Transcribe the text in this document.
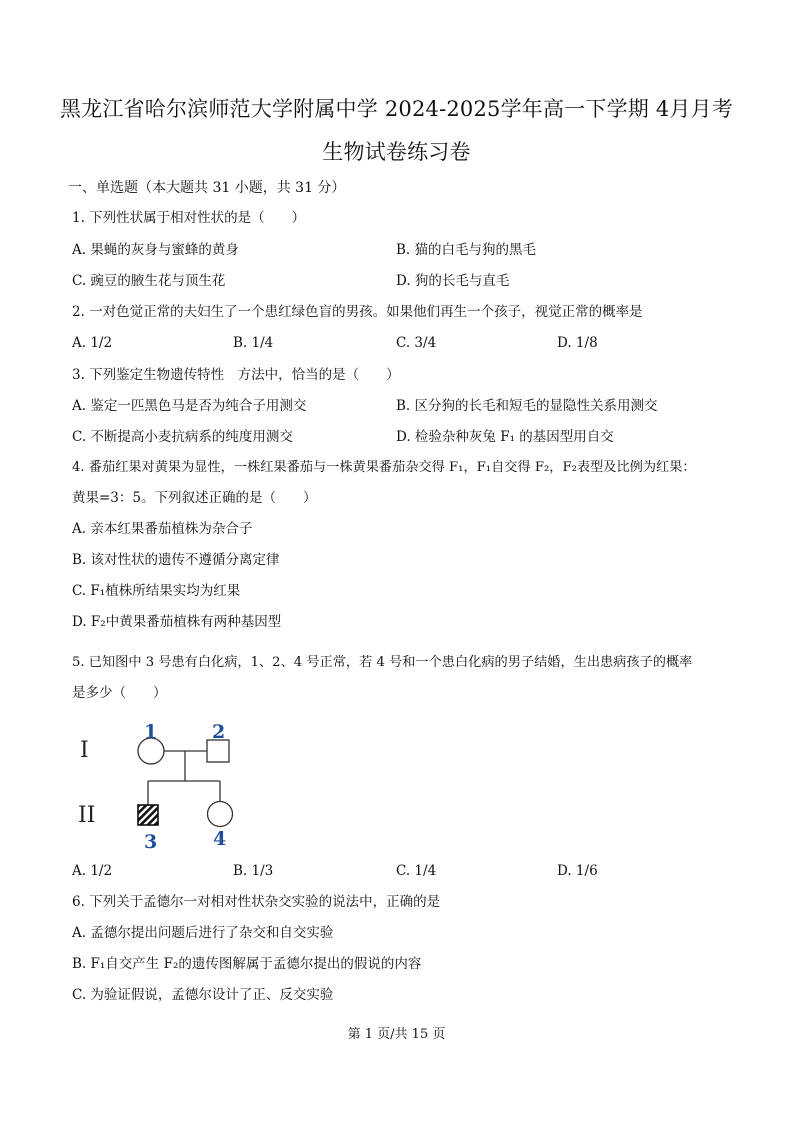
黑龙江省哈尔滨师范大学附属中学 2024-2025学年高一下学期 4月月考
生物试卷练习卷
一、单选题（本大题共 31 小题，共 31 分）
1. 下列性状属于相对性状的是（　　）
A. 果蝇的灰身与蜜蜂的黄身	B. 猫的白毛与狗的黑毛
C. 豌豆的腋生花与顶生花	D. 狗的长毛与直毛
2. 一对色觉正常的夫妇生了一个患红绿色盲的男孩。如果他们再生一个孩子，视觉正常的概率是
A. 1/2	B. 1/4	C. 3/4	D. 1/8
3. 下列鉴定生物遗传特性　方法中，恰当的是（　　）
A. 鉴定一匹黑色马是否为纯合子用测交	B. 区分狗的长毛和短毛的显隐性关系用测交
C. 不断提高小麦抗病系的纯度用测交	D. 检验杂种灰兔 F₁ 的基因型用自交
4. 番茄红果对黄果为显性，一株红果番茄与一株黄果番茄杂交得 F₁，F₁自交得 F₂，F₂表型及比例为红果：
黄果=3：5。下列叙述正确的是（　　）
A. 亲本红果番茄植株为杂合子
B. 该对性状的遗传不遵循分离定律
C. F₁植株所结果实均为红果
D. F₂中黄果番茄植株有两种基因型
5. 已知图中 3 号患有白化病，1、2、4 号正常，若 4 号和一个患白化病的男子结婚，生出患病孩子的概率
是多少（　　）
I
II
1	2
3	4
A. 1/2	B. 1/3	C. 1/4	D. 1/6
6. 下列关于孟德尔一对相对性状杂交实验的说法中，正确的是
A. 孟德尔提出问题后进行了杂交和自交实验
B. F₁自交产生 F₂的遗传图解属于孟德尔提出的假说的内容
C. 为验证假说，孟德尔设计了正、反交实验
第 1 页/共 15 页
